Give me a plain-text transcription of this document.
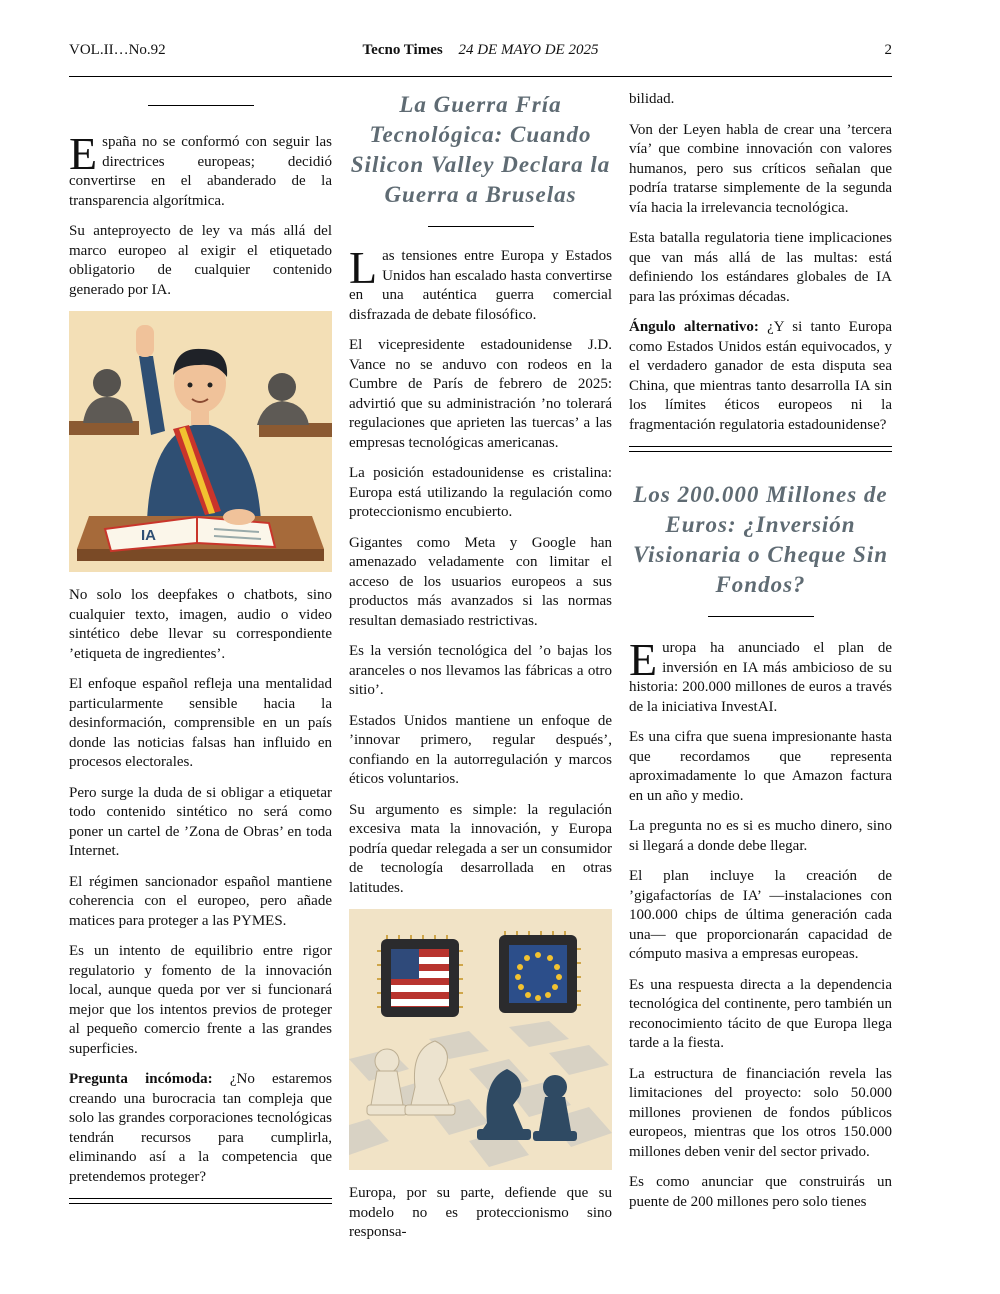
VOL.II…No.92	Tecno Times 24 DE MAYO DE 2025	2

España no se conformó con seguir las directrices europeas; decidió convertirse en el abanderado de la transparencia algorítmica.

Su anteproyecto de ley va más allá del marco europeo al exigir el etiquetado obligatorio de cualquier contenido generado por IA.

IA

No solo los deepfakes o chatbots, sino cualquier texto, imagen, audio o video sintético debe llevar su correspondiente ’etiqueta de ingredientes’.

El enfoque español refleja una mentalidad particularmente sensible hacia la desinformación, comprensible en un país donde las noticias falsas han influido en procesos electorales.

Pero surge la duda de si obligar a etiquetar todo contenido sintético no será como poner un cartel de ’Zona de Obras’ en toda Internet.

El régimen sancionador español mantiene coherencia con el europeo, pero añade matices para proteger a las PYMES.

Es un intento de equilibrio entre rigor regulatorio y fomento de la innovación local, aunque queda por ver si funcionará mejor que los intentos previos de proteger al pequeño comercio frente a las grandes superficies.

Pregunta incómoda: ¿No estaremos creando una burocracia tan compleja que solo las grandes corporaciones tecnológicas tendrán recursos para cumplirla, eliminando así a la competencia que pretendemos proteger?

La Guerra Fría Tecnológica: Cuando Silicon Valley Declara la Guerra a Bruselas

Las tensiones entre Europa y Estados Unidos han escalado hasta convertirse en una auténtica guerra comercial disfrazada de debate filosófico.

El vicepresidente estadounidense J.D. Vance no se anduvo con rodeos en la Cumbre de París de febrero de 2025: advirtió que su administración ’no tolerará regulaciones que aprieten las tuercas’ a las empresas tecnológicas americanas.

La posición estadounidense es cristalina: Europa está utilizando la regulación como proteccionismo encubierto.

Gigantes como Meta y Google han amenazado veladamente con limitar el acceso de los usuarios europeos a sus productos más avanzados si las normas resultan demasiado restrictivas.

Es la versión tecnológica del ’o bajas los aranceles o nos llevamos las fábricas a otro sitio’.

Estados Unidos mantiene un enfoque de ’innovar primero, regular después’, confiando en la autorregulación y marcos éticos voluntarios.

Su argumento es simple: la regulación excesiva mata la innovación, y Europa podría quedar relegada a ser un consumidor de tecnología desarrollada en otras latitudes.

Europa, por su parte, defiende que su modelo no es proteccionismo sino responsa-

bilidad.

Von der Leyen habla de crear una ’tercera vía’ que combine innovación con valores humanos, pero sus críticos señalan que podría tratarse simplemente de la segunda vía hacia la irrelevancia tecnológica.

Esta batalla regulatoria tiene implicaciones que van más allá de las multas: está definiendo los estándares globales de IA para las próximas décadas.

Ángulo alternativo: ¿Y si tanto Europa como Estados Unidos están equivocados, y el verdadero ganador de esta disputa sea China, que mientras tanto desarrolla IA sin los límites éticos europeos ni la fragmentación regulatoria estadounidense?

Los 200.000 Millones de Euros: ¿Inversión Visionaria o Cheque Sin Fondos?

Europa ha anunciado el plan de inversión en IA más ambicioso de su historia: 200.000 millones de euros a través de la iniciativa InvestAI.

Es una cifra que suena impresionante hasta que recordamos que representa aproximadamente lo que Amazon factura en un año y medio.

La pregunta no es si es mucho dinero, sino si llegará a donde debe llegar.

El plan incluye la creación de ’gigafactorías de IA’ —instalaciones con 100.000 chips de última generación cada una— que proporcionarán capacidad de cómputo masiva a empresas europeas.

Es una respuesta directa a la dependencia tecnológica del continente, pero también un reconocimiento tácito de que Europa llega tarde a la fiesta.

La estructura de financiación revela las limitaciones del proyecto: solo 50.000 millones provienen de fondos públicos europeos, mientras que los otros 150.000 millones deben venir del sector privado.

Es como anunciar que construirás un puente de 200 millones pero solo tienes
